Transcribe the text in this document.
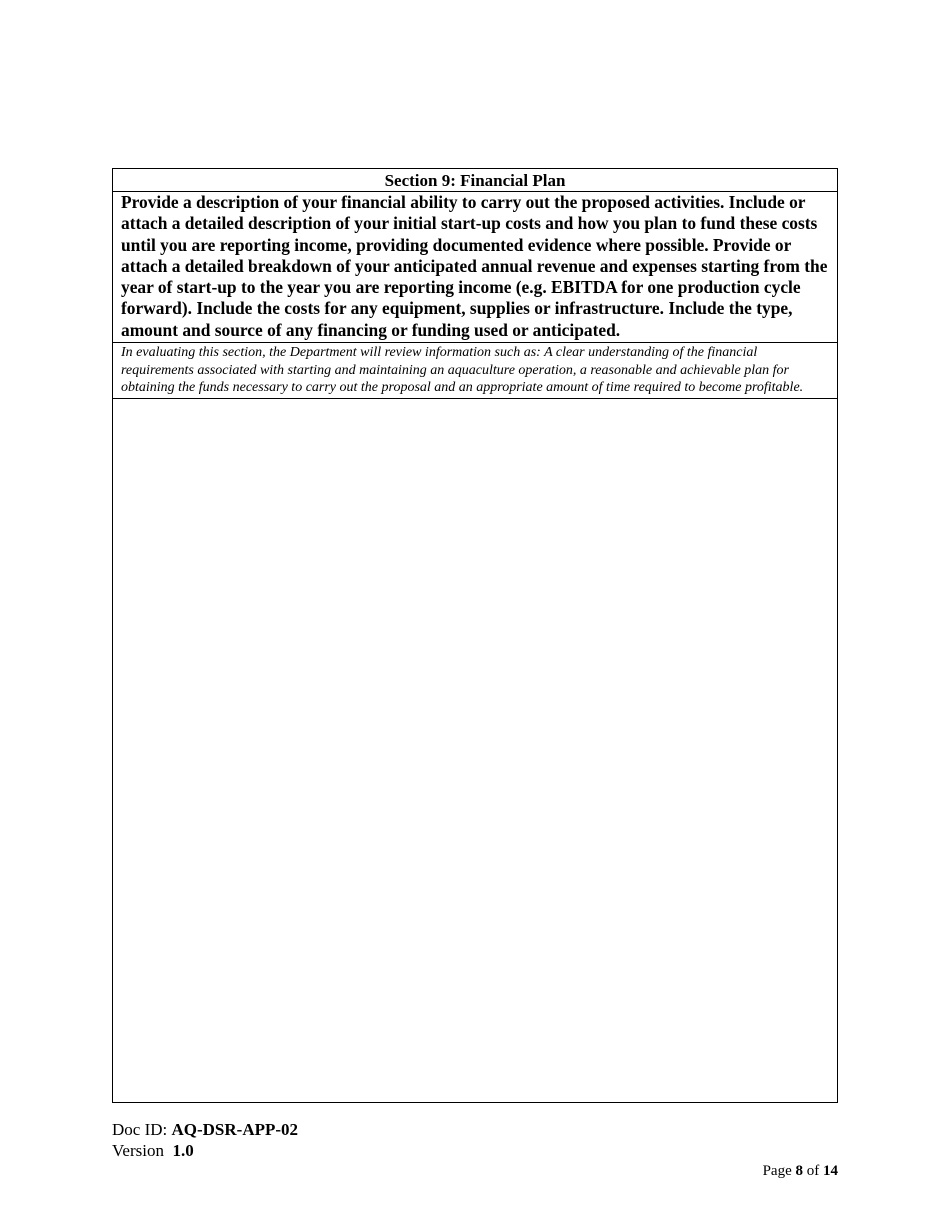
Section 9: Financial Plan
Provide a description of your financial ability to carry out the proposed activities. Include or attach a detailed description of your initial start-up costs and how you plan to fund these costs until you are reporting income, providing documented evidence where possible. Provide or attach a detailed breakdown of your anticipated annual revenue and expenses starting from the year of start-up to the year you are reporting income (e.g. EBITDA for one production cycle forward). Include the costs for any equipment, supplies or infrastructure. Include the type, amount and source of any financing or funding used or anticipated.
In evaluating this section, the Department will review information such as: A clear understanding of the financial requirements associated with starting and maintaining an aquaculture operation, a reasonable and achievable plan for obtaining the funds necessary to carry out the proposal and an appropriate amount of time required to become profitable.
Doc ID: AQ-DSR-APP-02
Version  1.0
Page 8 of 14
